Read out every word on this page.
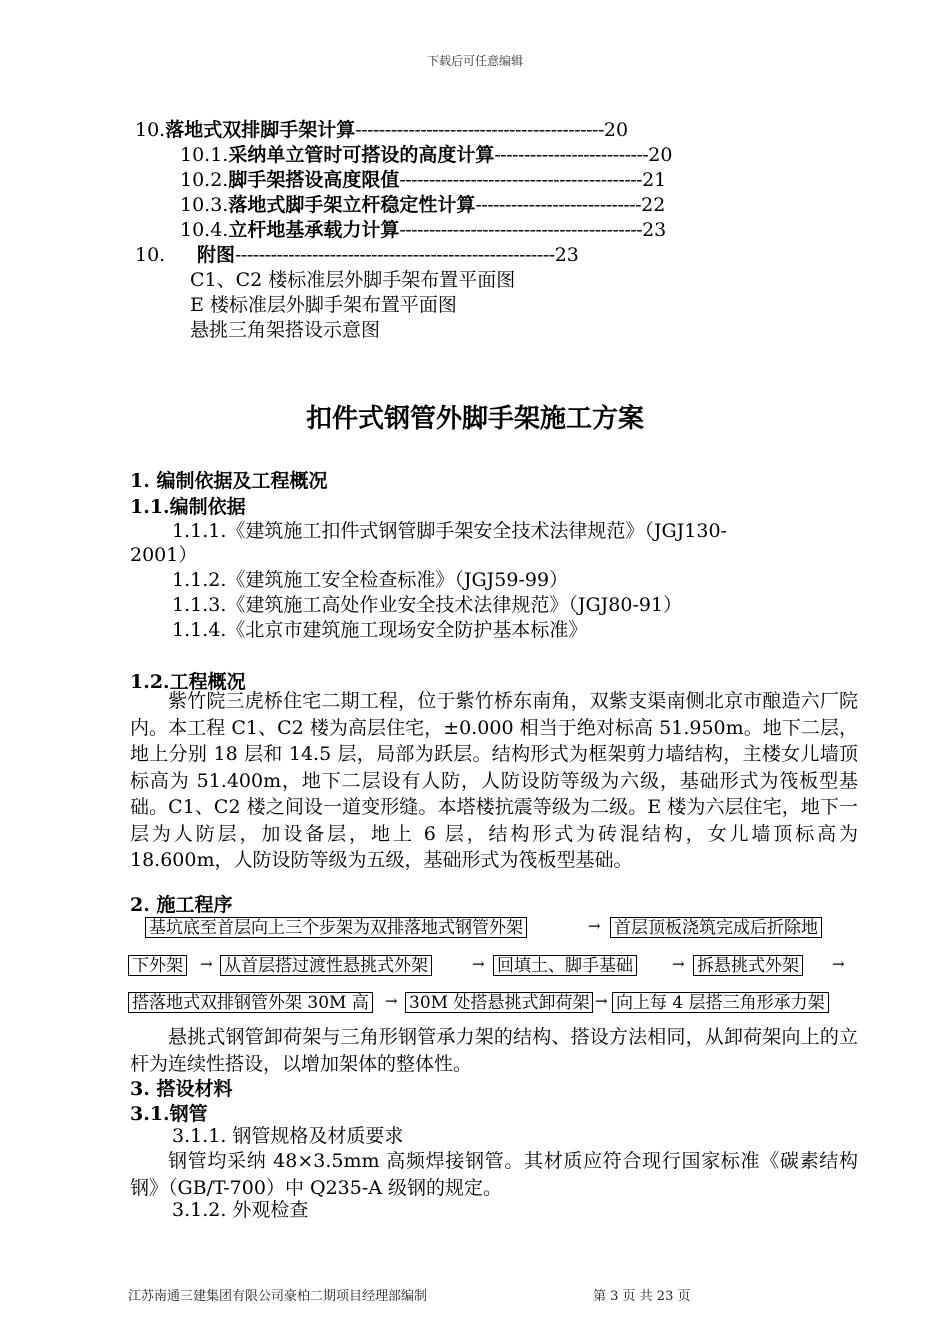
下载后可任意编辑
10.落地式双排脚手架计算------------------------------------------20
10.1.采纳单立管时可搭设的高度计算--------------------------20
10.2.脚手架搭设高度限值-----------------------------------------21
10.3.落地式脚手架立杆稳定性计算----------------------------22
10.4.立杆地基承载力计算-----------------------------------------23
10. 附图------------------------------------------------------23
C1、C2 楼标准层外脚手架布置平面图
E 楼标准层外脚手架布置平面图
悬挑三角架搭设示意图
扣件式钢管外脚手架施工方案
1. 编制依据及工程概况
1.1.编制依据
1.1.1.《建筑施工扣件式钢管脚手架安全技术法律规范》（JGJ130-
2001）
1.1.2.《建筑施工安全检查标准》（JGJ59-99）
1.1.3.《建筑施工高处作业安全技术法律规范》（JGJ80-91）
1.1.4.《北京市建筑施工现场安全防护基本标准》
1.2.工程概况
紫竹院三虎桥住宅二期工程，位于紫竹桥东南角，双紫支渠南侧北京市酿造六厂院内。本工程 C1、C2 楼为高层住宅，±0.000 相当于绝对标高 51.950m。地下二层，地上分别 18 层和 14.5 层，局部为跃层。结构形式为框架剪力墙结构，主楼女儿墙顶标高为 51.400m，地下二层设有人防，人防设防等级为六级，基础形式为筏板型基础。C1、C2 楼之间设一道变形缝。本塔楼抗震等级为二级。E 楼为六层住宅，地下一层为人防层，加设备层，地上 6 层，结构形式为砖混结构，女儿墙顶标高为 18.600m，人防设防等级为五级，基础形式为筏板型基础。
2. 施工程序
基坑底至首层向上三个步架为双排落地式钢管外架	→ 首层顶板浇筑完成后折除地
下外架 → 从首层搭过渡性悬挑式外架	→ 回填土、脚手基础	→ 拆悬挑式外架 →
搭落地式双排钢管外架 30M 高 → 30M 处搭悬挑式卸荷架 → 向上每 4 层搭三角形承力架
悬挑式钢管卸荷架与三角形钢管承力架的结构、搭设方法相同，从卸荷架向上的立杆为连续性搭设，以增加架体的整体性。
3. 搭设材料
3.1.钢管
3.1.1. 钢管规格及材质要求
钢管均采纳 48×3.5mm 高频焊接钢管。其材质应符合现行国家标准《碳素结构钢》（GB/T-700）中 Q235-A 级钢的规定。
3.1.2. 外观检查
江苏南通三建集团有限公司豪柏二期项目经理部编制	第 3 页 共 23 页
